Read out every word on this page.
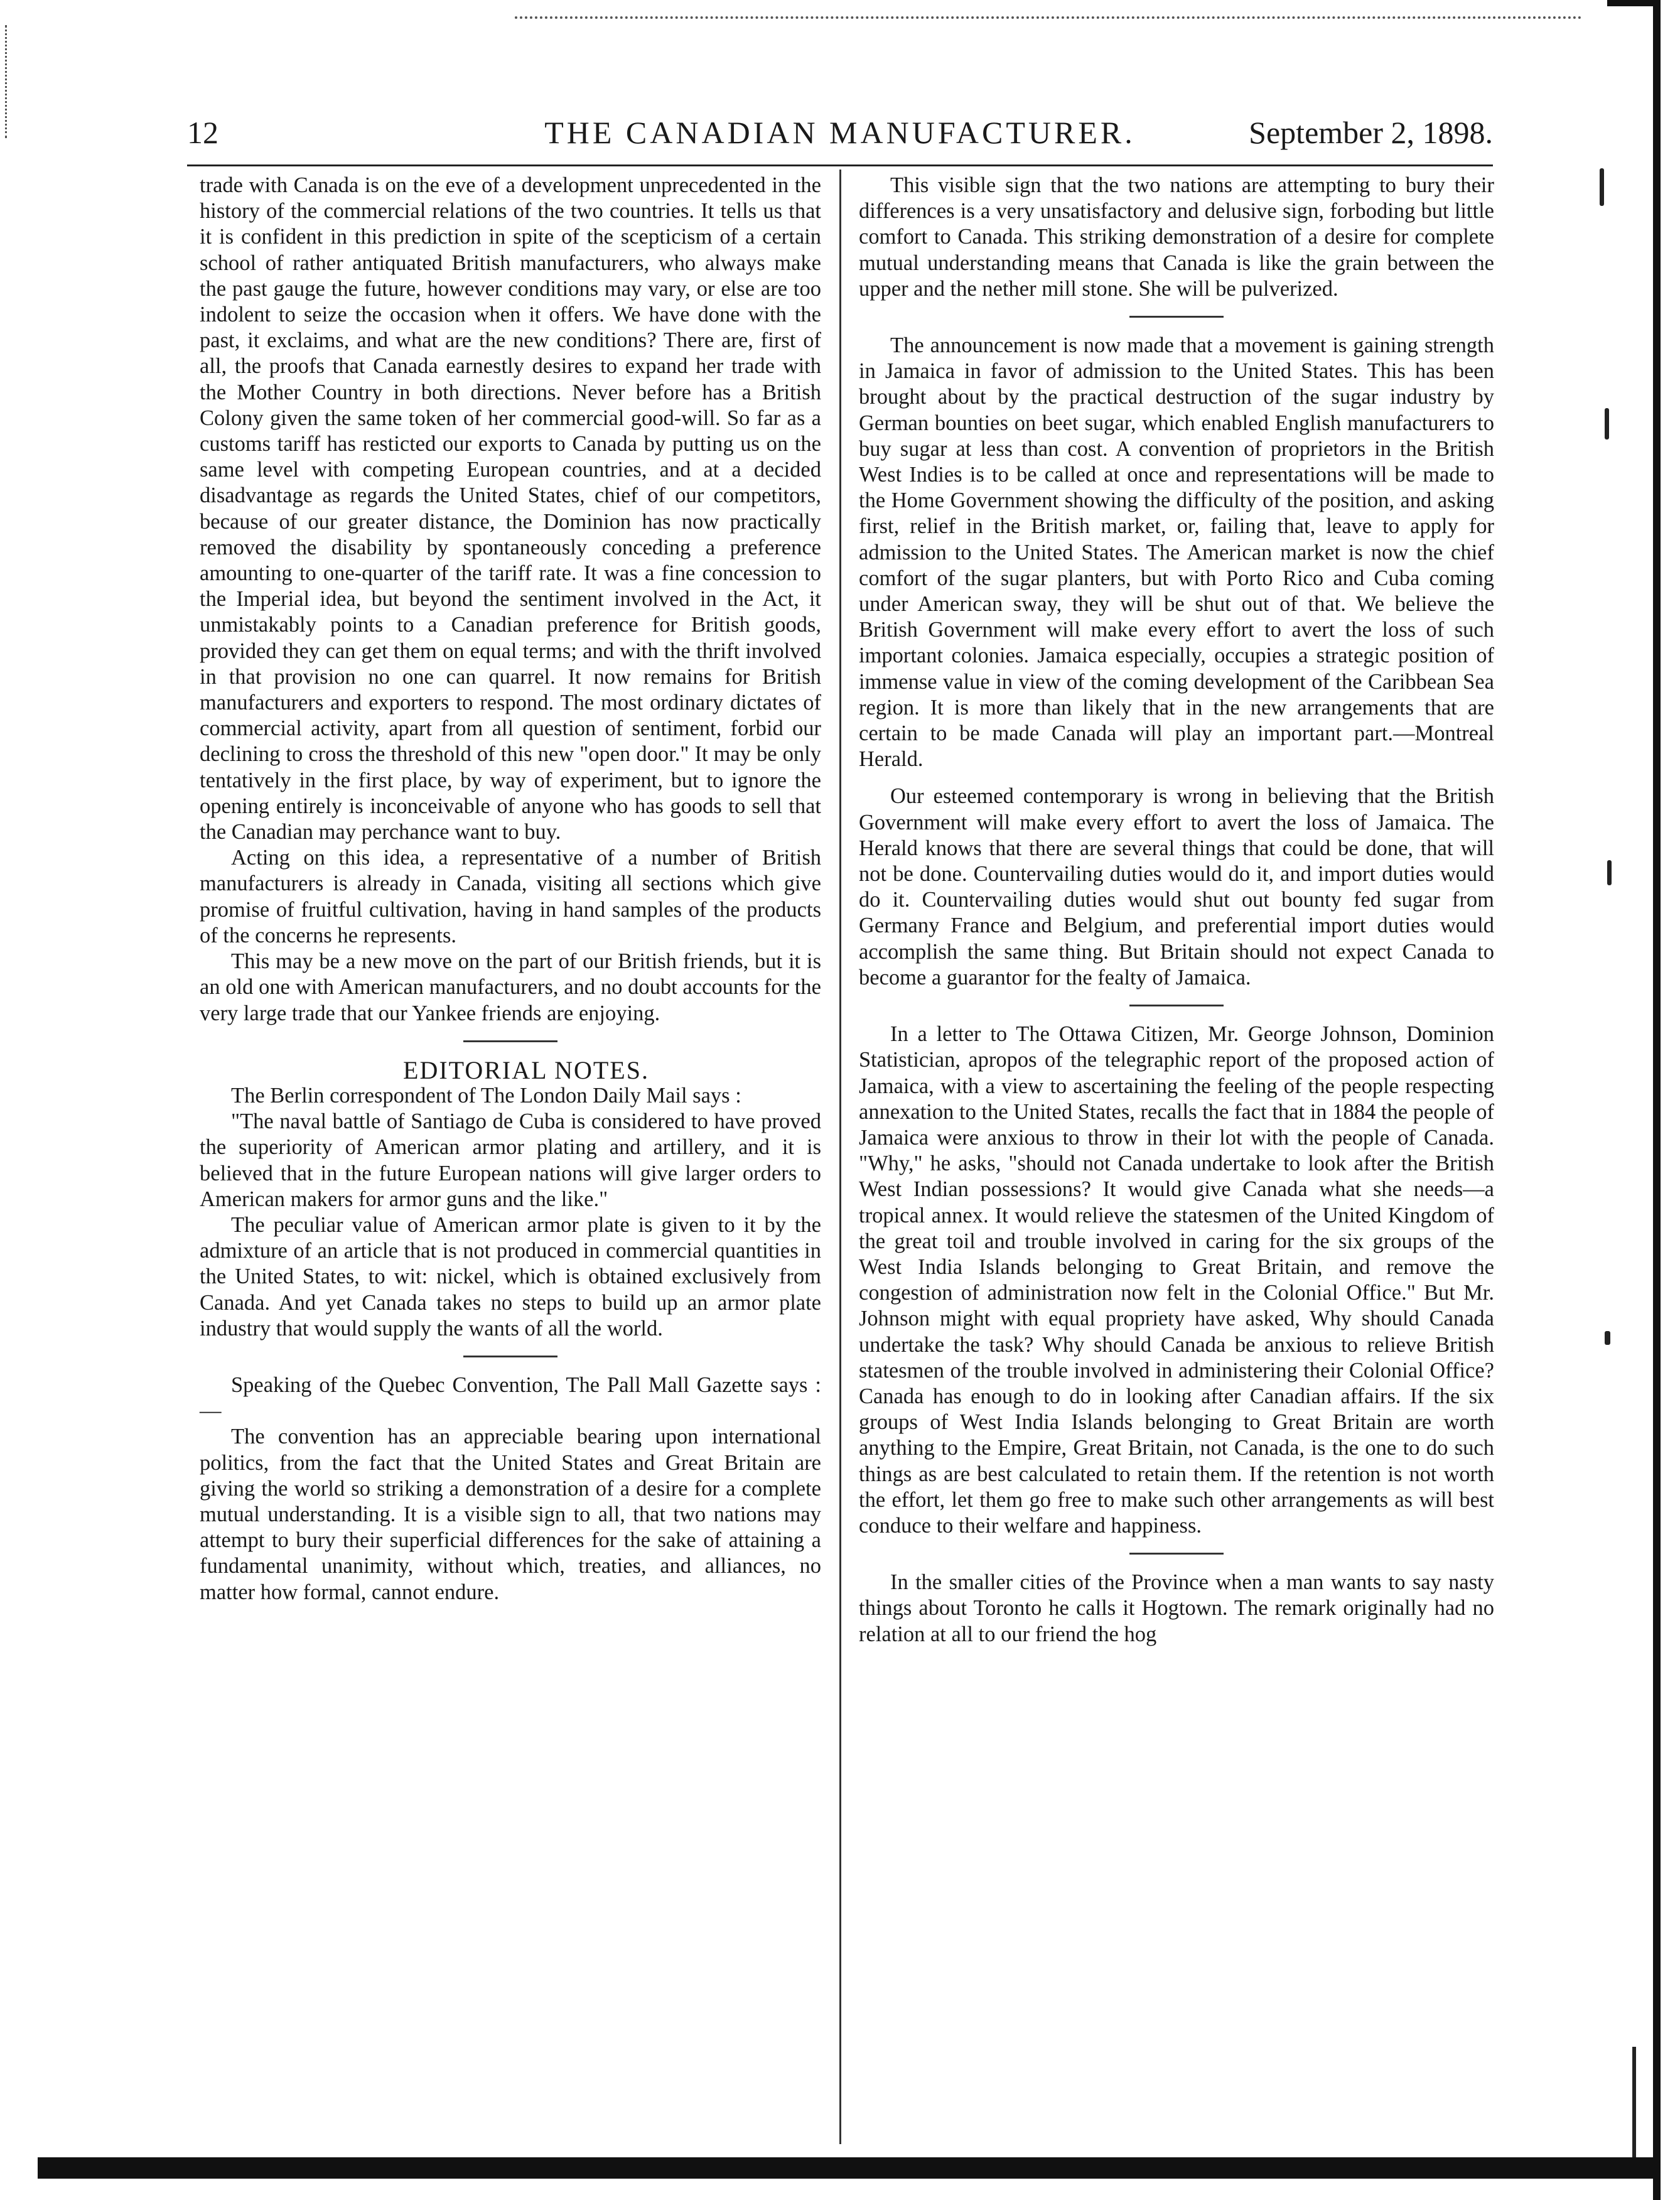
12	THE CANADIAN MANUFACTURER.	September 2, 1898.

trade with Canada is on the eve of a development unprecedented in the history of the commercial relations of the two countries. It tells us that it is confident in this prediction in spite of the scepticism of a certain school of rather antiquated British manufacturers, who always make the past gauge the future, however conditions may vary, or else are too indolent to seize the occasion when it offers. We have done with the past, it exclaims, and what are the new conditions? There are, first of all, the proofs that Canada earnestly desires to expand her trade with the Mother Country in both directions. Never before has a British Colony given the same token of her commercial good-will. So far as a customs tariff has resticted our exports to Canada by putting us on the same level with competing European countries, and at a decided disadvantage as regards the United States, chief of our competitors, because of our greater distance, the Dominion has now practically removed the disability by spontaneously conceding a preference amounting to one-quarter of the tariff rate. It was a fine concession to the Imperial idea, but beyond the sentiment involved in the Act, it unmistakably points to a Canadian preference for British goods, provided they can get them on equal terms; and with the thrift involved in that provision no one can quarrel. It now remains for British manufacturers and exporters to respond. The most ordinary dictates of commercial activity, apart from all question of sentiment, forbid our declining to cross the threshold of this new "open door." It may be only tentatively in the first place, by way of experiment, but to ignore the opening entirely is inconceivable of anyone who has goods to sell that the Canadian may perchance want to buy.

Acting on this idea, a representative of a number of British manufacturers is already in Canada, visiting all sections which give promise of fruitful cultivation, having in hand samples of the products of the concerns he represents.

This may be a new move on the part of our British friends, but it is an old one with American manufacturers, and no doubt accounts for the very large trade that our Yankee friends are enjoying.

EDITORIAL NOTES.

The Berlin correspondent of The London Daily Mail says :

"The naval battle of Santiago de Cuba is considered to have proved the superiority of American armor plating and artillery, and it is believed that in the future European nations will give larger orders to American makers for armor guns and the like."

The peculiar value of American armor plate is given to it by the admixture of an article that is not produced in commercial quantities in the United States, to wit: nickel, which is obtained exclusively from Canada. And yet Canada takes no steps to build up an armor plate industry that would supply the wants of all the world.

Speaking of the Quebec Convention, The Pall Mall Gazette says :—

The convention has an appreciable bearing upon international politics, from the fact that the United States and Great Britain are giving the world so striking a demonstration of a desire for a complete mutual understanding. It is a visible sign to all, that two nations may attempt to bury their superficial differences for the sake of attaining a fundamental unanimity, without which, treaties, and alliances, no matter how formal, cannot endure.

This visible sign that the two nations are attempting to bury their differences is a very unsatisfactory and delusive sign, forboding but little comfort to Canada. This striking demonstration of a desire for complete mutual understanding means that Canada is like the grain between the upper and the nether mill stone. She will be pulverized.

The announcement is now made that a movement is gaining strength in Jamaica in favor of admission to the United States. This has been brought about by the practical destruction of the sugar industry by German bounties on beet sugar, which enabled English manufacturers to buy sugar at less than cost. A convention of proprietors in the British West Indies is to be called at once and representations will be made to the Home Government showing the difficulty of the position, and asking first, relief in the British market, or, failing that, leave to apply for admission to the United States. The American market is now the chief comfort of the sugar planters, but with Porto Rico and Cuba coming under American sway, they will be shut out of that. We believe the British Government will make every effort to avert the loss of such important colonies. Jamaica especially, occupies a strategic position of immense value in view of the coming development of the Caribbean Sea region. It is more than likely that in the new arrangements that are certain to be made Canada will play an important part.—Montreal Herald.

Our esteemed contemporary is wrong in believing that the British Government will make every effort to avert the loss of Jamaica. The Herald knows that there are several things that could be done, that will not be done. Countervailing duties would do it, and import duties would do it. Countervailing duties would shut out bounty fed sugar from Germany France and Belgium, and preferential import duties would accomplish the same thing. But Britain should not expect Canada to become a guarantor for the fealty of Jamaica.

In a letter to The Ottawa Citizen, Mr. George Johnson, Dominion Statistician, apropos of the telegraphic report of the proposed action of Jamaica, with a view to ascertaining the feeling of the people respecting annexation to the United States, recalls the fact that in 1884 the people of Jamaica were anxious to throw in their lot with the people of Canada. "Why," he asks, "should not Canada undertake to look after the British West Indian possessions? It would give Canada what she needs—a tropical annex. It would relieve the statesmen of the United Kingdom of the great toil and trouble involved in caring for the six groups of the West India Islands belonging to Great Britain, and remove the congestion of administration now felt in the Colonial Office." But Mr. Johnson might with equal propriety have asked, Why should Canada undertake the task? Why should Canada be anxious to relieve British statesmen of the trouble involved in administering their Colonial Office? Canada has enough to do in looking after Canadian affairs. If the six groups of West India Islands belonging to Great Britain are worth anything to the Empire, Great Britain, not Canada, is the one to do such things as are best calculated to retain them. If the retention is not worth the effort, let them go free to make such other arrangements as will best conduce to their welfare and happiness.

In the smaller cities of the Province when a man wants to say nasty things about Toronto he calls it Hogtown. The remark originally had no relation at all to our friend the hog
